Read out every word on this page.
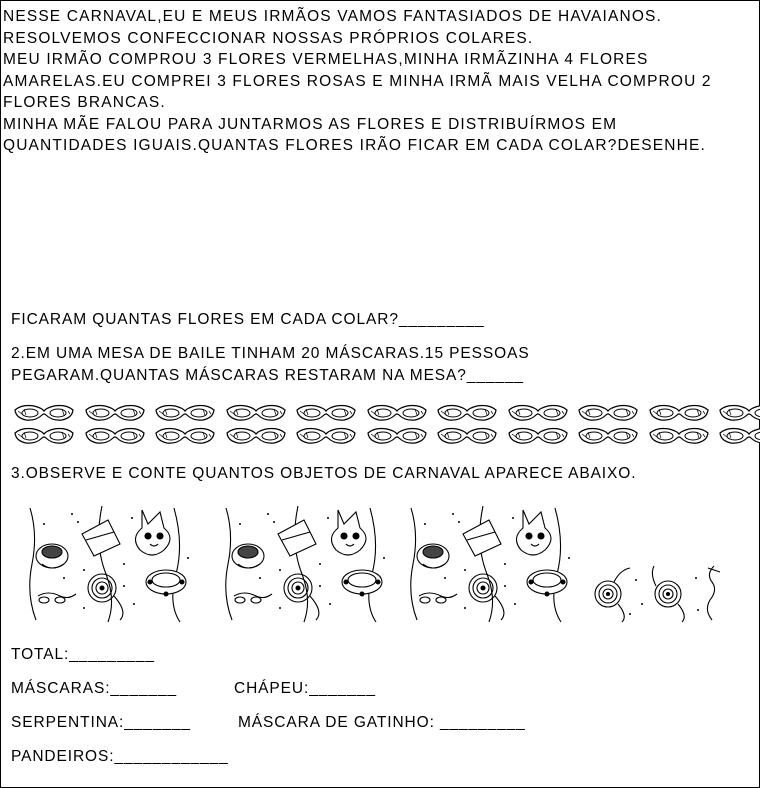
NESSE CARNAVAL,EU E MEUS IRMÃOS VAMOS FANTASIADOS DE HAVAIANOS.
RESOLVEMOS CONFECCIONAR NOSSAS PRÓPRIOS COLARES.
MEU IRMÃO COMPROU 3 FLORES VERMELHAS,MINHA IRMÃZINHA 4 FLORES
AMARELAS.EU COMPREI 3 FLORES ROSAS E MINHA IRMÃ MAIS VELHA COMPROU 2
FLORES BRANCAS.
MINHA MÃE FALOU PARA JUNTARMOS AS FLORES E DISTRIBUÍRMOS EM
QUANTIDADES IGUAIS.QUANTAS FLORES IRÃO FICAR EM CADA COLAR?DESENHE.

FICARAM QUANTAS FLORES EM CADA COLAR?_________

2.EM UMA MESA DE BAILE TINHAM 20 MÁSCARAS.15 PESSOAS

PEGARAM.QUANTAS MÁSCARAS RESTARAM NA MESA?______

3.OBSERVE E CONTE QUANTOS OBJETOS DE CARNAVAL APARECE ABAIXO.

TOTAL:_________

MÁSCARAS:_______	CHÁPEU:_______

SERPENTINA:_______	MÁSCARA DE GATINHO: _________

PANDEIROS:____________
